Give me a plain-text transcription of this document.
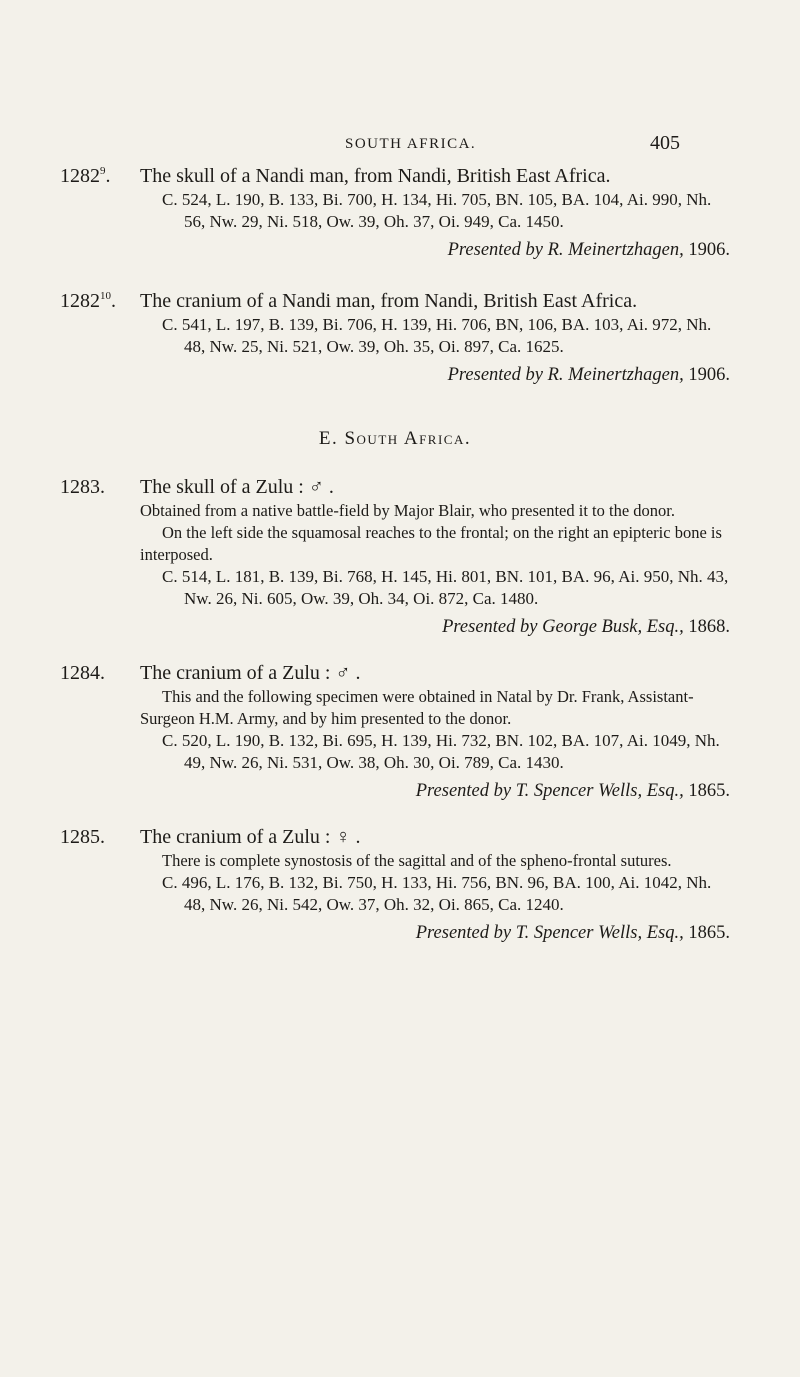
SOUTH AFRICA.	405
1282$^9$. The skull of a Nandi man, from Nandi, British East Africa.
C. 524, L. 190, B. 133, Bi. 700, H. 134, Hi. 705, BN. 105, BA. 104, Ai. 990, Nh. 56, Nw. 29, Ni. 518, Ow. 39, Oh. 37, Oi. 949, Ca. 1450.
Presented by R. Meinertzhagen, 1906.
1282$^{10}$. The cranium of a Nandi man, from Nandi, British East Africa.
C. 541, L. 197, B. 139, Bi. 706, H. 139, Hi. 706, BN, 106, BA. 103, Ai. 972, Nh. 48, Nw. 25, Ni. 521, Ow. 39, Oh. 35, Oi. 897, Ca. 1625.
Presented by R. Meinertzhagen, 1906.
E. South Africa.
1283. The skull of a Zulu : ♂ .
Obtained from a native battle-field by Major Blair, who presented it to the donor.
On the left side the squamosal reaches to the frontal; on the right an epipteric bone is interposed.
C. 514, L. 181, B. 139, Bi. 768, H. 145, Hi. 801, BN. 101, BA. 96, Ai. 950, Nh. 43, Nw. 26, Ni. 605, Ow. 39, Oh. 34, Oi. 872, Ca. 1480.
Presented by George Busk, Esq., 1868.
1284. The cranium of a Zulu : ♂ .
This and the following specimen were obtained in Natal by Dr. Frank, Assistant-Surgeon H.M. Army, and by him presented to the donor.
C. 520, L. 190, B. 132, Bi. 695, H. 139, Hi. 732, BN. 102, BA. 107, Ai. 1049, Nh. 49, Nw. 26, Ni. 531, Ow. 38, Oh. 30, Oi. 789, Ca. 1430.
Presented by T. Spencer Wells, Esq., 1865.
1285. The cranium of a Zulu : ♀ .
There is complete synostosis of the sagittal and of the spheno-frontal sutures.
C. 496, L. 176, B. 132, Bi. 750, H. 133, Hi. 756, BN. 96, BA. 100, Ai. 1042, Nh. 48, Nw. 26, Ni. 542, Ow. 37, Oh. 32, Oi. 865, Ca. 1240.
Presented by T. Spencer Wells, Esq., 1865.
